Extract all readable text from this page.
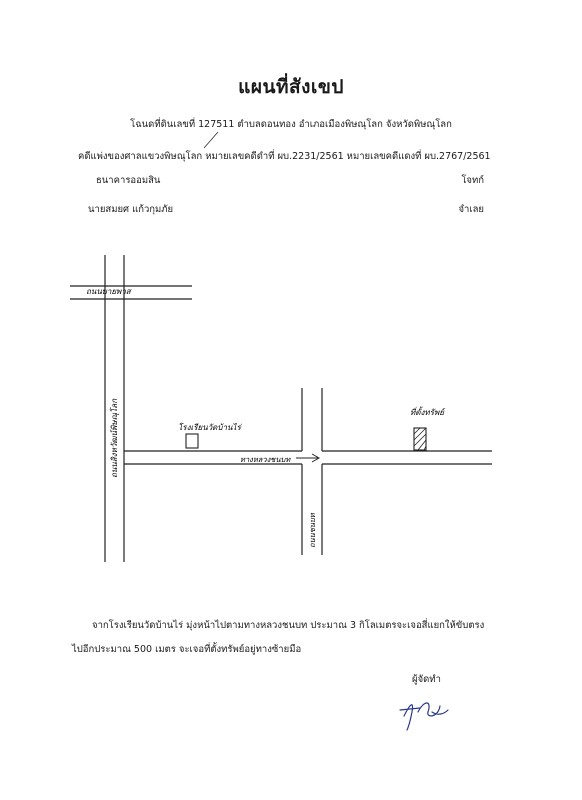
แผนที่สังเขป
โฉนดที่ดินเลขที่ 127511 ตำบลดอนทอง อำเภอเมืองพิษณุโลก จังหวัดพิษณุโลก
คดีแพ่งของศาลแขวงพิษณุโลก หมายเลขคดีดำที่ ผบ.2231/2561 หมายเลขคดีแดงที่ ผบ.2767/2561
ธนาคารออมสิน	โจทก์
นายสมยศ แก้วกุมภัย	จำเลย
ถนนบายพาส
ถนนสิงหวัฒน์พิษณุโลก	ทางหลวงชนบท
ถนนชนบท
โรงเรียนวัดบ้านไร่
ที่ตั้งทรัพย์
จากโรงเรียนวัดบ้านไร่ มุ่งหน้าไปตามทางหลวงชนบท ประมาณ 3 กิโลเมตรจะเจอสี่แยกให้ขับตรง
ไปอีกประมาณ 500 เมตร จะเจอที่ตั้งทรัพย์อยู่ทางซ้ายมือ
ผู้จัดทำ
